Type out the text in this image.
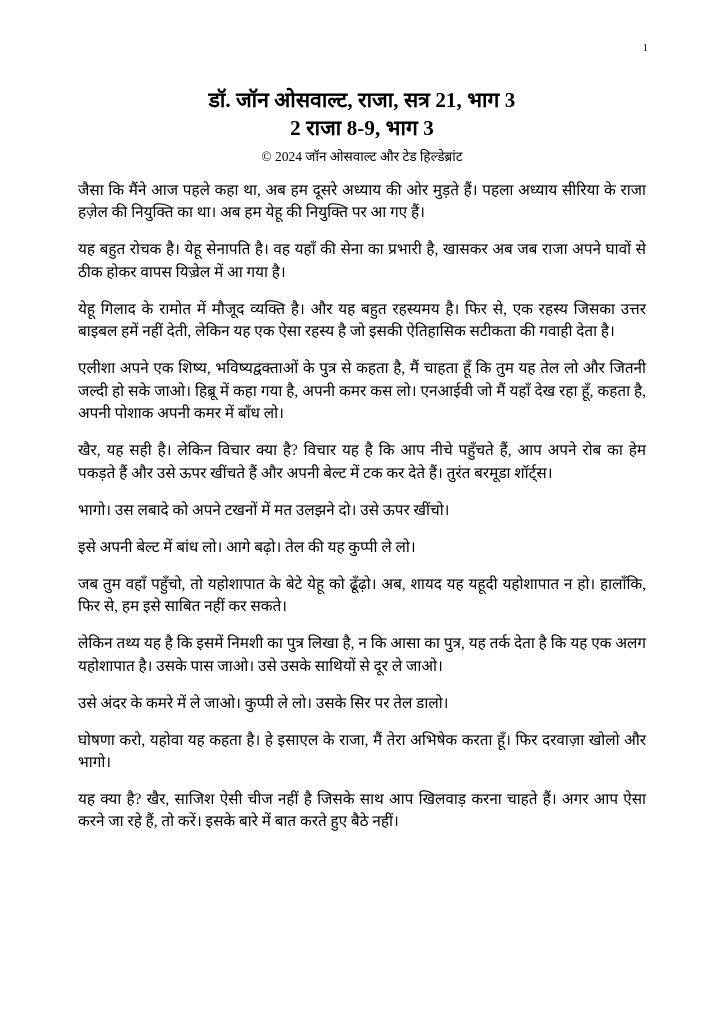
1
डॉ. जॉन ओसवाल्ट, राजा, सत्र 21, भाग 3
2 राजा 8-9, भाग 3

© 2024 जॉन ओसवाल्ट और टेड हिल्डेब्रांट

जैसा कि मैंने आज पहले कहा था, अब हम दूसरे अध्याय की ओर मुड़ते हैं। पहला अध्याय सीरिया के राजा हज़ेल की नियुक्ति का था। अब हम येहू की नियुक्ति पर आ गए हैं।

यह बहुत रोचक है। येहू सेनापति है। वह यहाँ की सेना का प्रभारी है, खासकर अब जब राजा अपने घावों से ठीक होकर वापस यिज़्रेल में आ गया है।

येहू गिलाद के रामोत में मौजूद व्यक्ति है। और यह बहुत रहस्यमय है। फिर से, एक रहस्य जिसका उत्तर बाइबल हमें नहीं देती, लेकिन यह एक ऐसा रहस्य है जो इसकी ऐतिहासिक सटीकता की गवाही देता है।

एलीशा अपने एक शिष्य, भविष्यद्वक्ताओं के पुत्र से कहता है, मैं चाहता हूँ कि तुम यह तेल लो और जितनी जल्दी हो सके जाओ। हिब्रू में कहा गया है, अपनी कमर कस लो। एनआईवी जो मैं यहाँ देख रहा हूँ, कहता है, अपनी पोशाक अपनी कमर में बाँध लो।

खैर, यह सही है। लेकिन विचार क्या है? विचार यह है कि आप नीचे पहुँचते हैं, आप अपने रोब का हेम पकड़ते हैं और उसे ऊपर खींचते हैं और अपनी बेल्ट में टक कर देते हैं। तुरंत बरमूडा शॉर्ट्स।

भागो। उस लबादे को अपने टखनों में मत उलझने दो। उसे ऊपर खींचो।

इसे अपनी बेल्ट में बांध लो। आगे बढ़ो। तेल की यह कुप्पी ले लो।

जब तुम वहाँ पहुँचो, तो यहोशापात के बेटे येहू को ढूँढ़ो। अब, शायद यह यहूदी यहोशापात न हो। हालाँकि, फिर से, हम इसे साबित नहीं कर सकते।

लेकिन तथ्य यह है कि इसमें निमशी का पुत्र लिखा है, न कि आसा का पुत्र, यह तर्क देता है कि यह एक अलग यहोशापात है। उसके पास जाओ। उसे उसके साथियों से दूर ले जाओ।

उसे अंदर के कमरे में ले जाओ। कुप्पी ले लो। उसके सिर पर तेल डालो।

घोषणा करो, यहोवा यह कहता है। हे इसाएल के राजा, मैं तेरा अभिषेक करता हूँ। फिर दरवाज़ा खोलो और भागो।

यह क्या है? खैर, साजिश ऐसी चीज नहीं है जिसके साथ आप खिलवाड़ करना चाहते हैं। अगर आप ऐसा करने जा रहे हैं, तो करें। इसके बारे में बात करते हुए बैठे नहीं।
